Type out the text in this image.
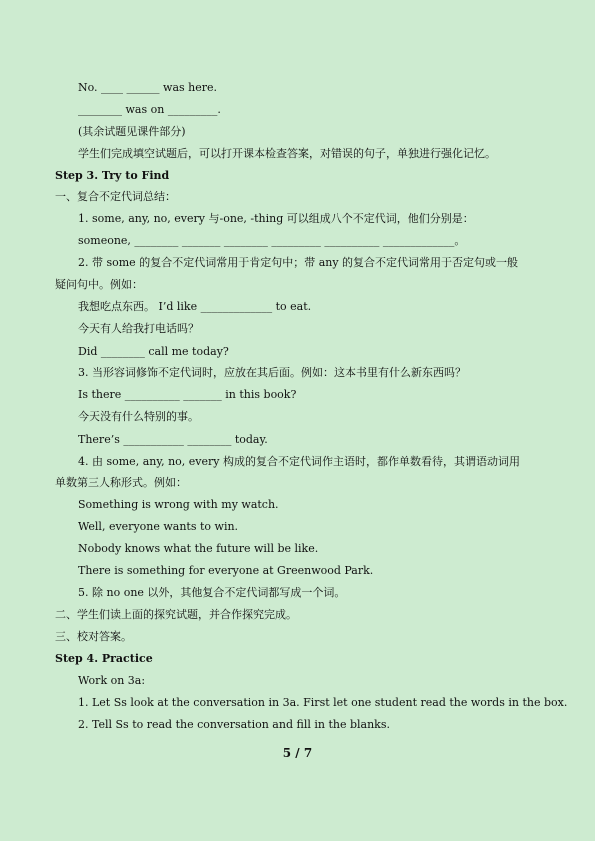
No. ____ ______ was here.
________ was on _________.
(其余试题见课件部分)
学生们完成填空试题后，可以打开课本检查答案，对错误的句子，单独进行强化记忆。
Step 3. Try to Find
一、复合不定代词总结：
1. some, any, no, every 与-one, -thing 可以组成八个不定代词，他们分别是：
someone, ________ _______ ________ _________ __________ _____________。
2. 带 some 的复合不定代词常用于肯定句中；带 any 的复合不定代词常用于否定句或一般
疑问句中。例如：
我想吃点东西。 I’d like _____________ to eat.
今天有人给我打电话吗？
Did ________ call me today?
3. 当形容词修饰不定代词时，应放在其后面。例如：这本书里有什么新东西吗？
Is there __________ _______ in this book?
今天没有什么特别的事。
There’s ___________ ________ today.
4. 由 some, any, no, every 构成的复合不定代词作主语时，都作单数看待，其谓语动词用
单数第三人称形式。例如：
Something is wrong with my watch.
Well, everyone wants to win.
Nobody knows what the future will be like.
There is something for everyone at Greenwood Park.
5. 除 no one 以外，其他复合不定代词都写成一个词。
二、学生们读上面的探究试题，并合作探究完成。
三、校对答案。
Step 4. Practice
Work on 3a:
1. Let Ss look at the conversation in 3a. First let one student read the words in the box.
2. Tell Ss to read the conversation and fill in the blanks.
5 / 7
